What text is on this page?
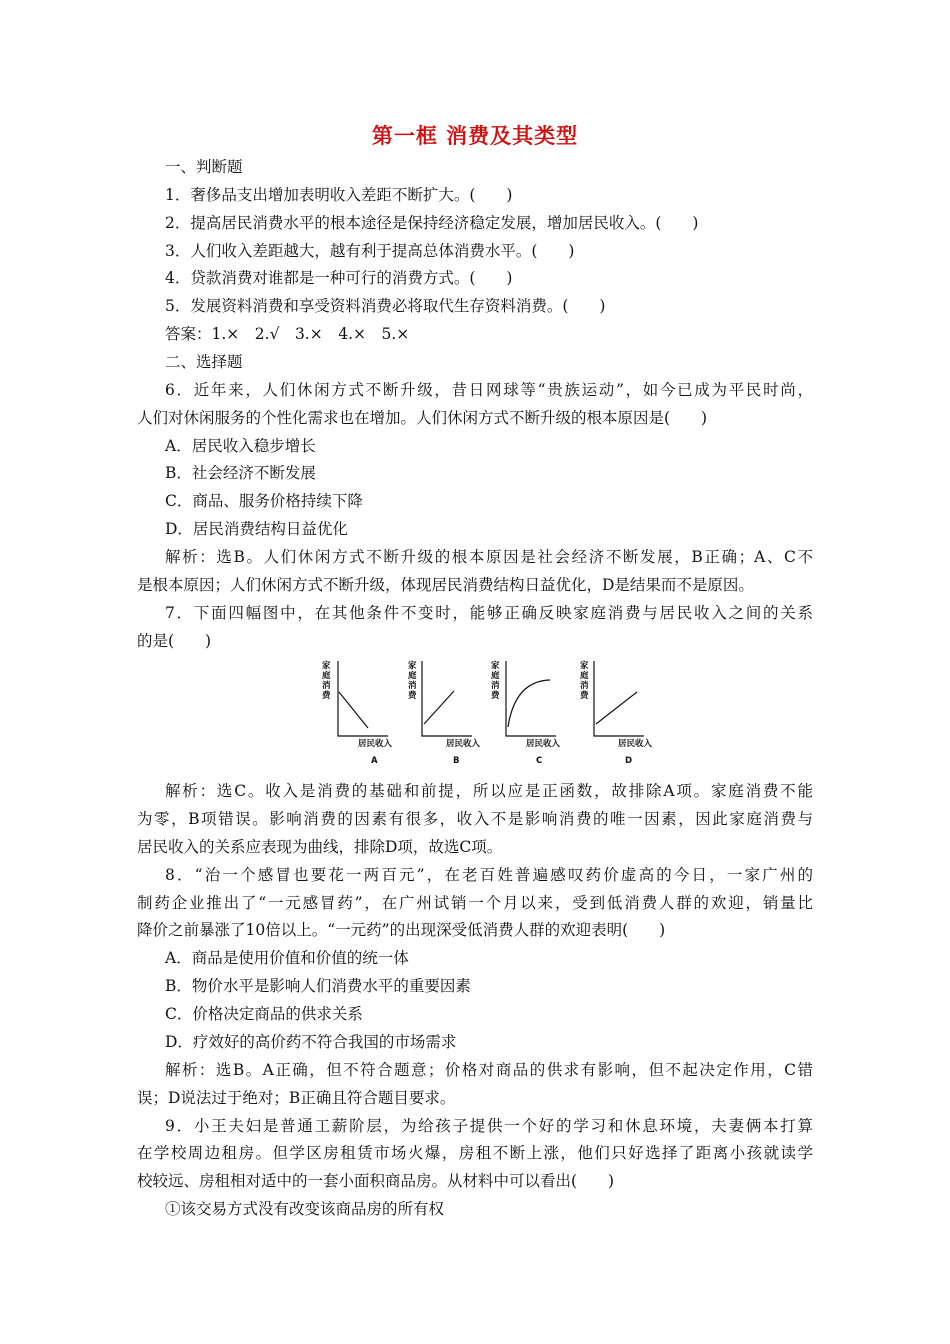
第一框 消费及其类型
一、判断题
1．奢侈品支出增加表明收入差距不断扩大。(　　)
2．提高居民消费水平的根本途径是保持经济稳定发展，增加居民收入。(　　)
3．人们收入差距越大，越有利于提高总体消费水平。(　　)
4．贷款消费对谁都是一种可行的消费方式。(　　)
5．发展资料消费和享受资料消费必将取代生存资料消费。(　　)
答案：1.×　2.√　3.×　4.×　5.×
二、选择题
6．近年来，人们休闲方式不断升级，昔日网球等“贵族运动”，如今已成为平民时尚，
人们对休闲服务的个性化需求也在增加。人们休闲方式不断升级的根本原因是(　　)
A．居民收入稳步增长
B．社会经济不断发展
C．商品、服务价格持续下降
D．居民消费结构日益优化
解析：选B。人们休闲方式不断升级的根本原因是社会经济不断发展，B正确；A、C不
是根本原因；人们休闲方式不断升级，体现居民消费结构日益优化，D是结果而不是原因。
7．下面四幅图中，在其他条件不变时，能够正确反映家庭消费与居民收入之间的关系
的是(　　)
家
庭
消
费
家
庭
消
费
家
庭
消
费
家
庭
消
费
居民收入	居民收入	居民收入	居民收入
A	B	C	D
解析：选C。收入是消费的基础和前提，所以应是正函数，故排除A项。家庭消费不能
为零，B项错误。影响消费的因素有很多，收入不是影响消费的唯一因素，因此家庭消费与
居民收入的关系应表现为曲线，排除D项，故选C项。
8．“治一个感冒也要花一两百元”，在老百姓普遍感叹药价虚高的今日，一家广州的
制药企业推出了“一元感冒药”，在广州试销一个月以来，受到低消费人群的欢迎，销量比
降价之前暴涨了10倍以上。“一元药”的出现深受低消费人群的欢迎表明(　　)
A．商品是使用价值和价值的统一体
B．物价水平是影响人们消费水平的重要因素
C．价格决定商品的供求关系
D．疗效好的高价药不符合我国的市场需求
解析：选B。A正确，但不符合题意；价格对商品的供求有影响，但不起决定作用，C错
误；D说法过于绝对；B正确且符合题目要求。
9．小王夫妇是普通工薪阶层，为给孩子提供一个好的学习和休息环境，夫妻俩本打算
在学校周边租房。但学区房租赁市场火爆，房租不断上涨，他们只好选择了距离小孩就读学
校较远、房租相对适中的一套小面积商品房。从材料中可以看出(　　)
①该交易方式没有改变该商品房的所有权
